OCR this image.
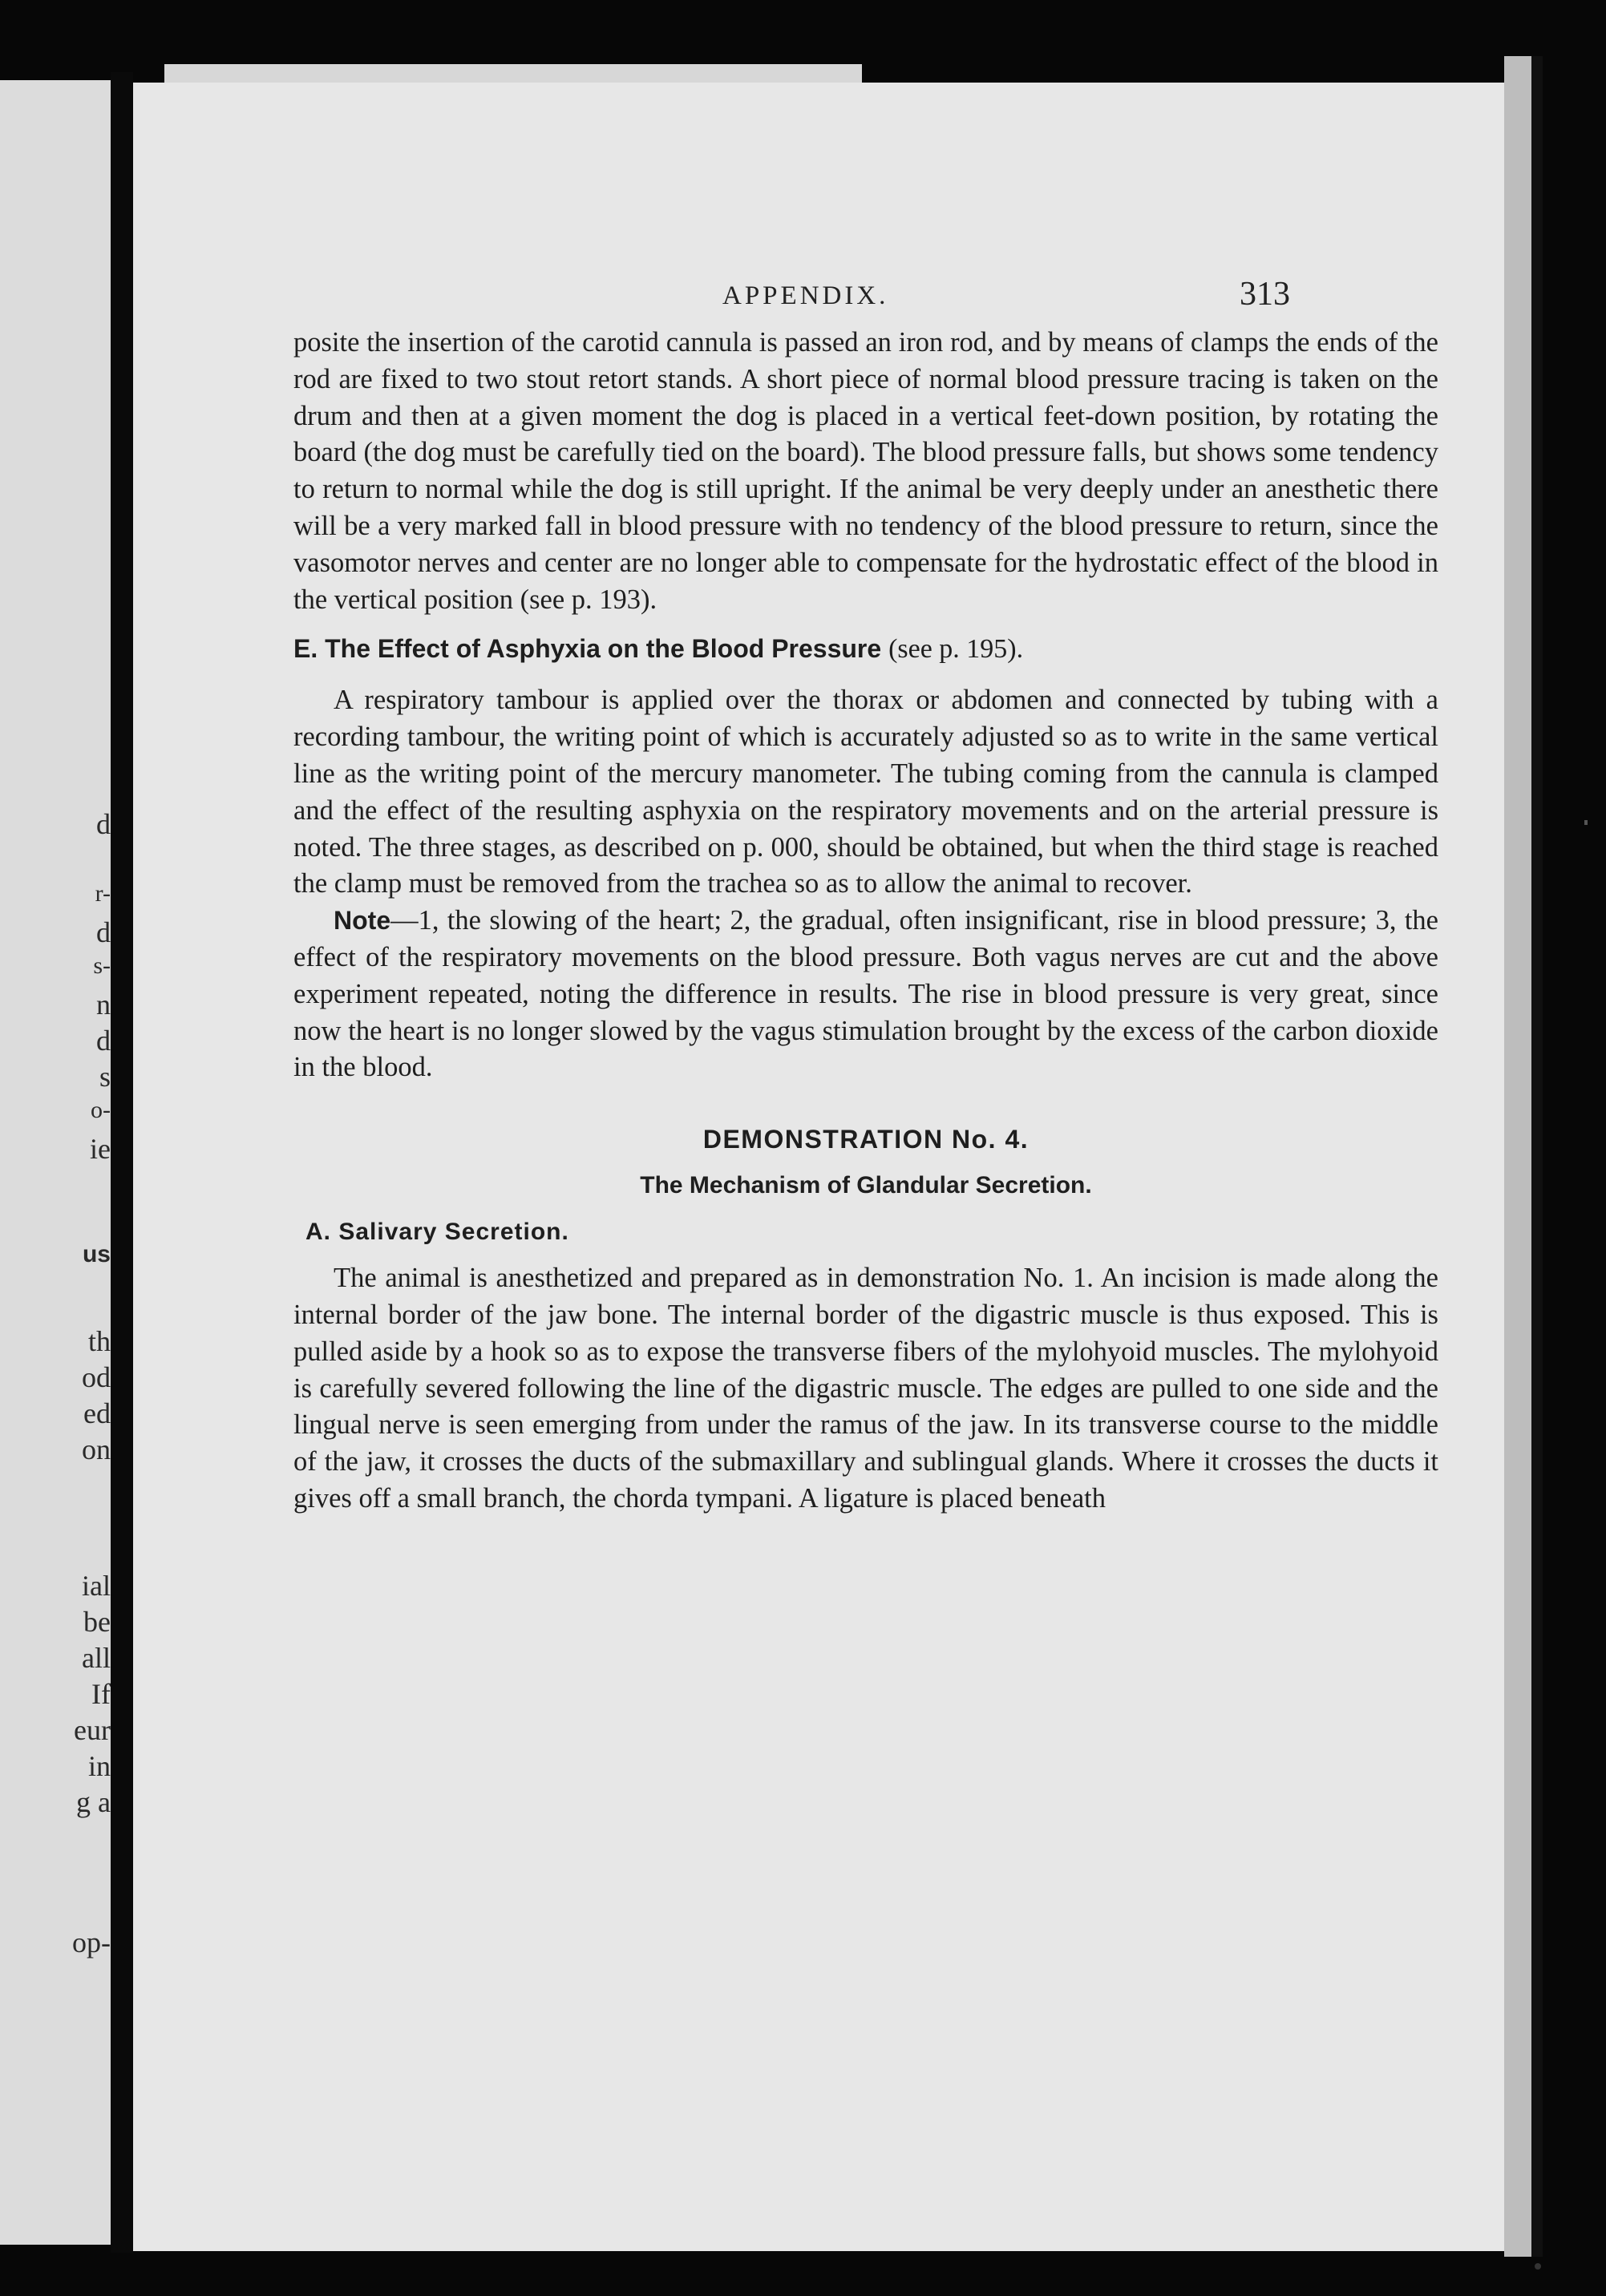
d
r-
d
s-
n
d
s
o-
ie
us
th
od
ed
on
ial
be
all
If
eur
in
g a
op-
APPENDIX.	313

posite the insertion of the carotid cannula is passed an iron rod, and by means of clamps the ends of the rod are fixed to two stout retort stands. A short piece of normal blood pressure tracing is taken on the drum and then at a given moment the dog is placed in a vertical feet-down position, by rotating the board (the dog must be carefully tied on the board). The blood pressure falls, but shows some tendency to return to normal while the dog is still upright. If the animal be very deeply under an anesthetic there will be a very marked fall in blood pressure with no tendency of the blood pressure to return, since the vasomotor nerves and center are no longer able to compensate for the hydrostatic effect of the blood in the vertical position (see p. 193).

E. The Effect of Asphyxia on the Blood Pressure (see p. 195).

A respiratory tambour is applied over the thorax or abdomen and connected by tubing with a recording tambour, the writing point of which is accurately adjusted so as to write in the same vertical line as the writing point of the mercury manometer. The tubing coming from the cannula is clamped and the effect of the resulting asphyxia on the respiratory movements and on the arterial pressure is noted. The three stages, as described on p. 000, should be obtained, but when the third stage is reached the clamp must be removed from the trachea so as to allow the animal to recover.

Note—1, the slowing of the heart; 2, the gradual, often insignificant, rise in blood pressure; 3, the effect of the respiratory movements on the blood pressure. Both vagus nerves are cut and the above experiment repeated, noting the difference in results. The rise in blood pressure is very great, since now the heart is no longer slowed by the vagus stimulation brought by the excess of the carbon dioxide in the blood.

DEMONSTRATION No. 4.
The Mechanism of Glandular Secretion.
A. Salivary Secretion.

The animal is anesthetized and prepared as in demonstration No. 1. An incision is made along the internal border of the jaw bone. The internal border of the digastric muscle is thus exposed. This is pulled aside by a hook so as to expose the transverse fibers of the mylohyoid muscles. The mylohyoid is carefully severed following the line of the digastric muscle. The edges are pulled to one side and the lingual nerve is seen emerging from under the ramus of the jaw. In its transverse course to the middle of the jaw, it crosses the ducts of the submaxillary and sublingual glands. Where it crosses the ducts it gives off a small branch, the chorda tympani. A ligature is placed beneath
